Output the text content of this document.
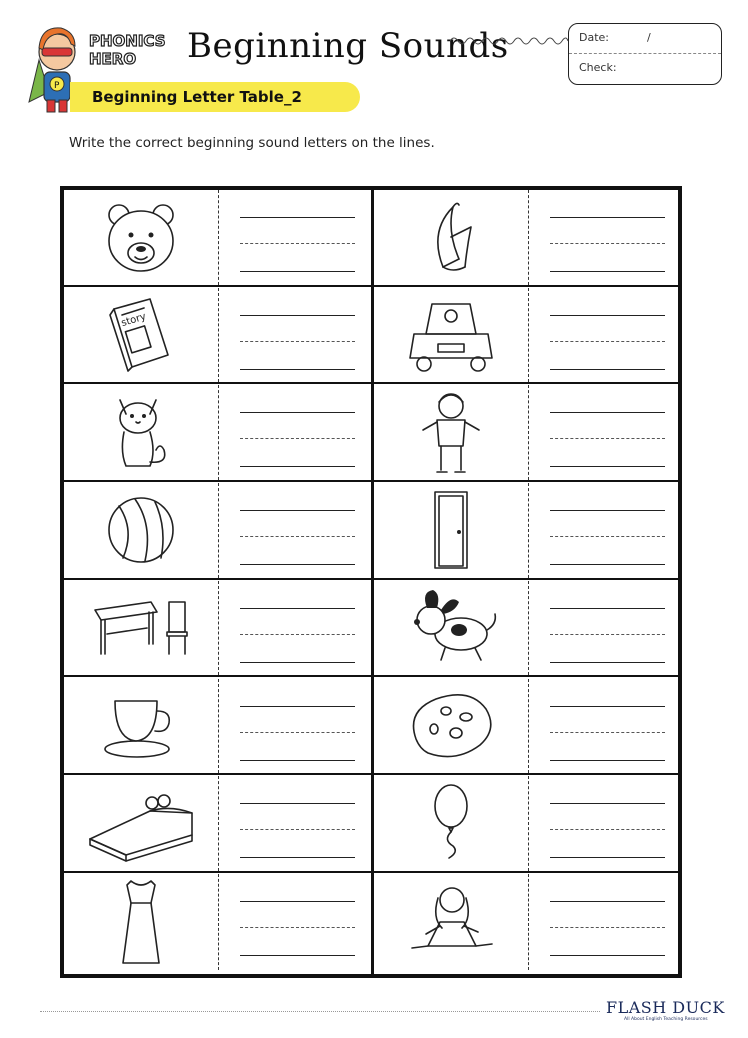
P
PHONICS
HERO Beginning Sounds	Date:	/
Check:
Beginning Letter Table_2
Write the correct beginning sound letters on the lines.
story
FLASH DUCK
All About English Teaching Resources
